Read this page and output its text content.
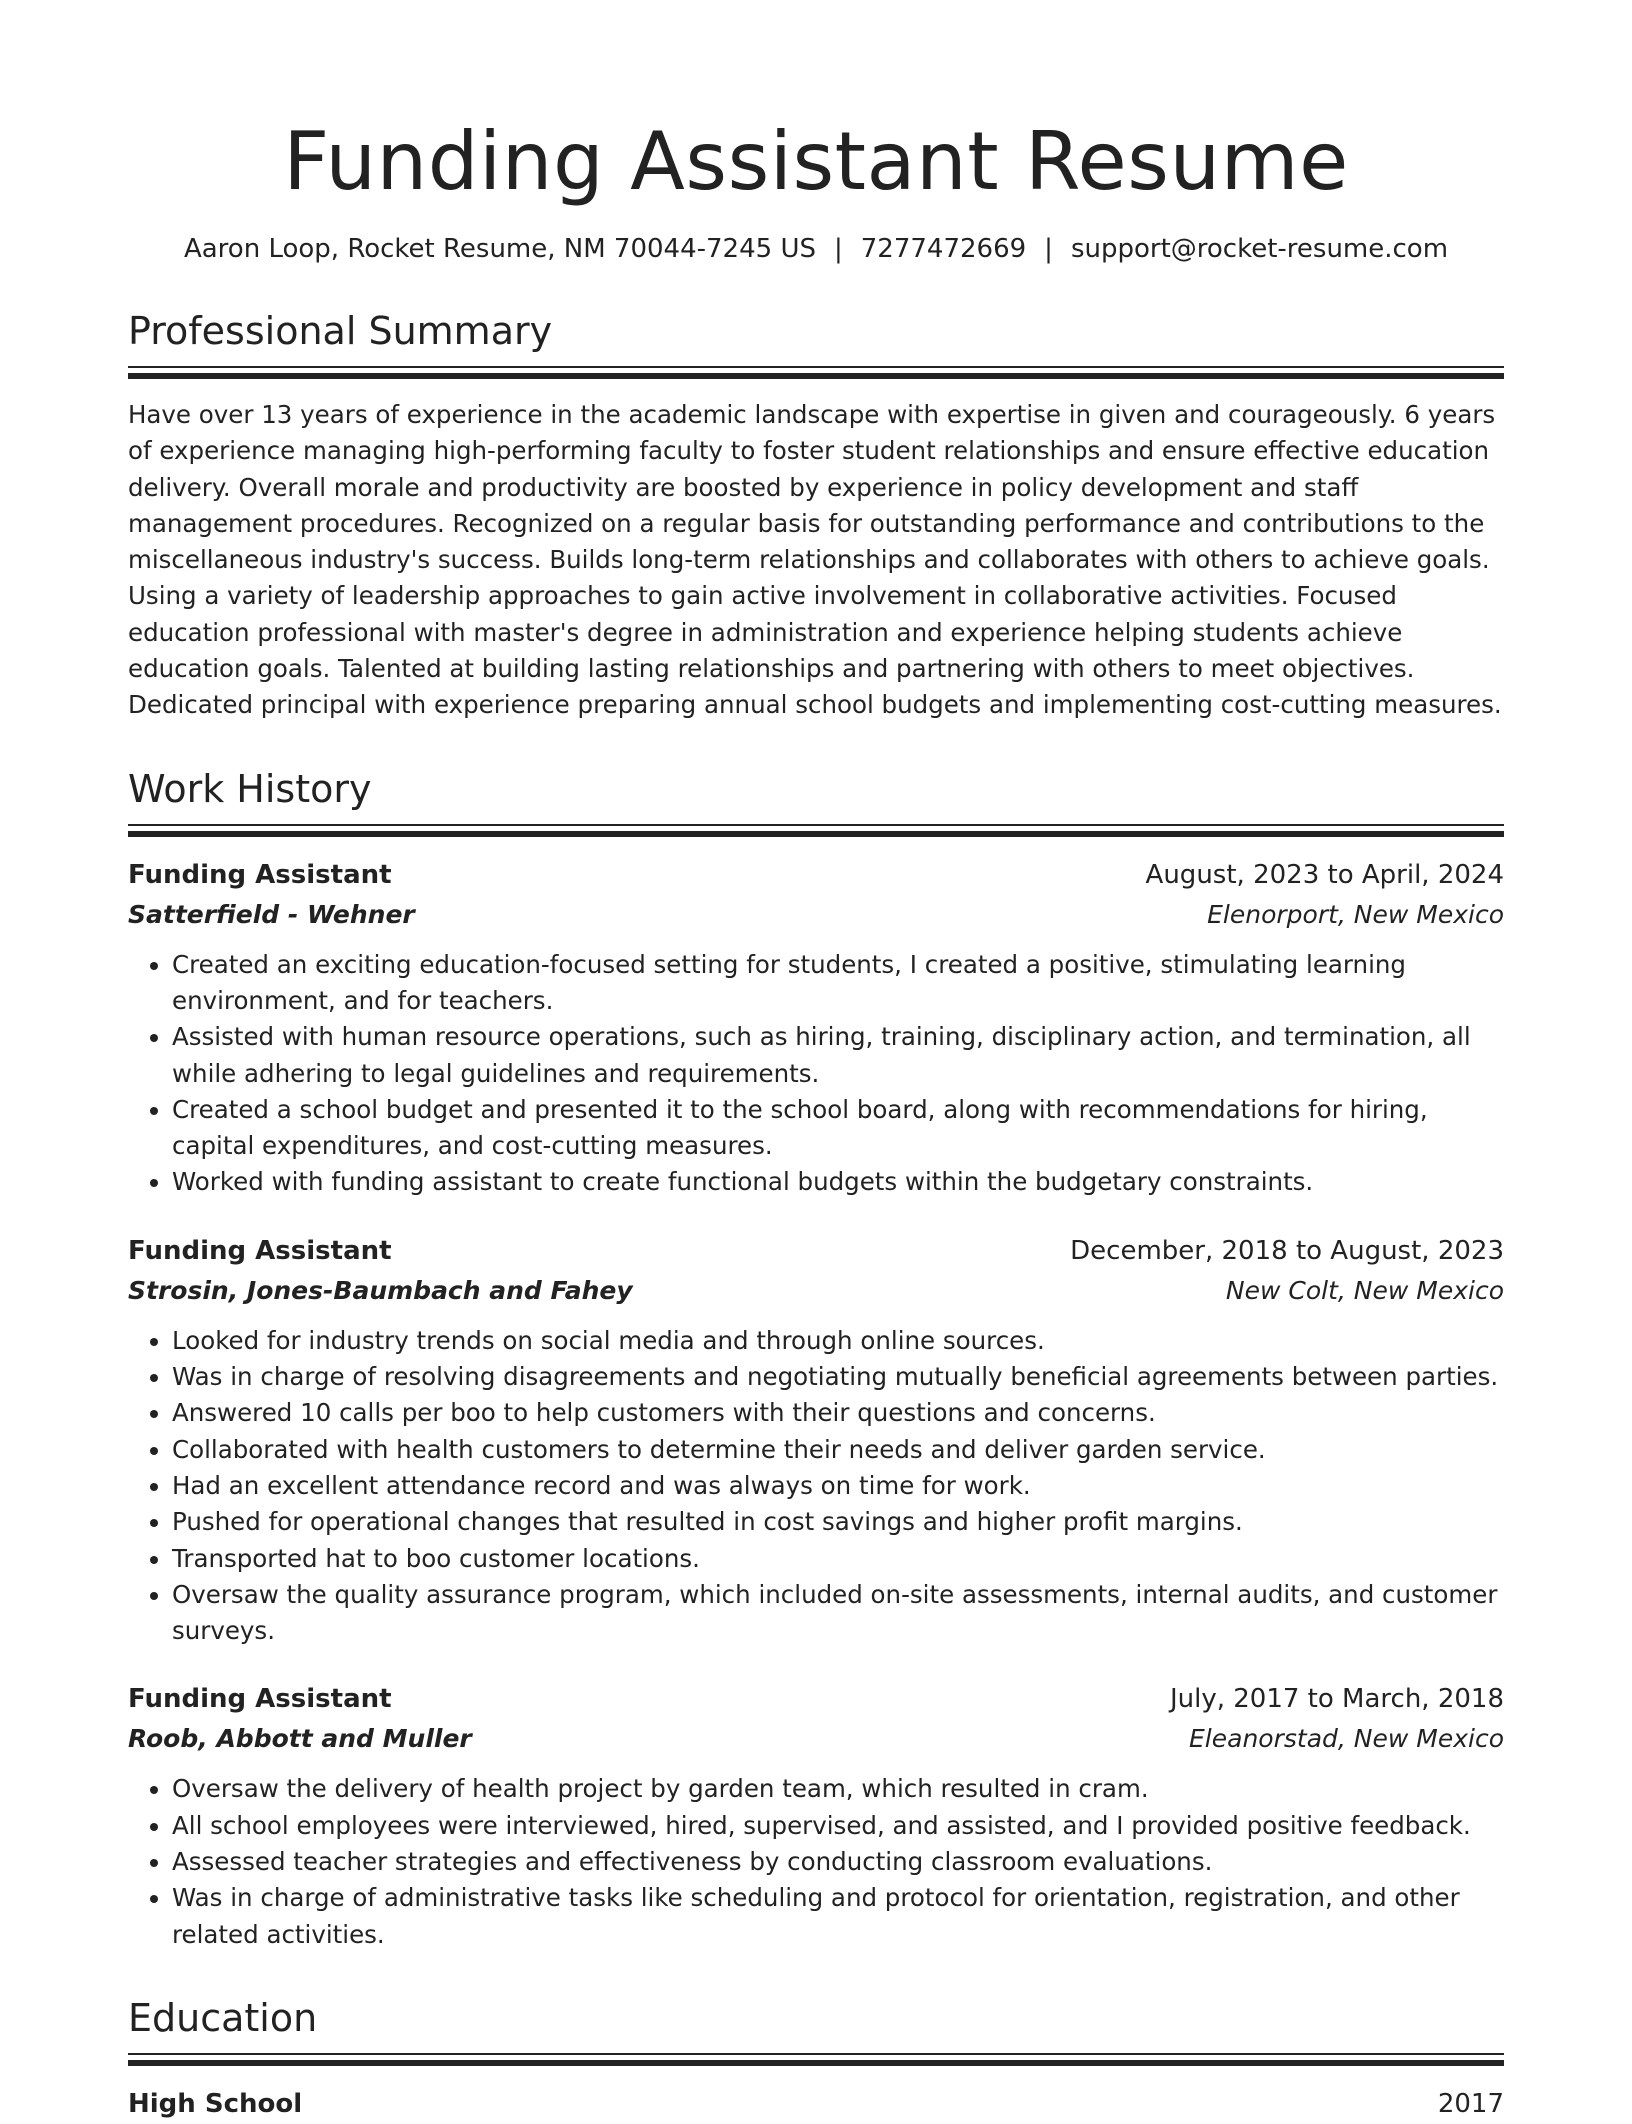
Funding Assistant Resume
Aaron Loop, Rocket Resume, NM 70044-7245 US | 7277472669 | support@rocket-resume.com
Professional Summary

Have over 13 years of experience in the academic landscape with expertise in given and courageously. 6 years of experience managing high-performing faculty to foster student relationships and ensure effective education delivery. Overall morale and productivity are boosted by experience in policy development and staff management procedures. Recognized on a regular basis for outstanding performance and contributions to the miscellaneous industry's success. Builds long-term relationships and collaborates with others to achieve goals. Using a variety of leadership approaches to gain active involvement in collaborative activities. Focused education professional with master's degree in administration and experience helping students achieve education goals. Talented at building lasting relationships and partnering with others to meet objectives. Dedicated principal with experience preparing annual school budgets and implementing cost-cutting measures.

Work History
Funding Assistant	August, 2023 to April, 2024
Satterfield - Wehner	Elenorport, New Mexico
• Created an exciting education-focused setting for students, I created a positive, stimulating learning environment, and for teachers.
• Assisted with human resource operations, such as hiring, training, disciplinary action, and termination, all while adhering to legal guidelines and requirements.
• Created a school budget and presented it to the school board, along with recommendations for hiring, capital expenditures, and cost-cutting measures.
• Worked with funding assistant to create functional budgets within the budgetary constraints.
Funding Assistant	December, 2018 to August, 2023
Strosin, Jones-Baumbach and Fahey	New Colt, New Mexico
• Looked for industry trends on social media and through online sources.
• Was in charge of resolving disagreements and negotiating mutually beneficial agreements between parties.
• Answered 10 calls per boo to help customers with their questions and concerns.
• Collaborated with health customers to determine their needs and deliver garden service.
• Had an excellent attendance record and was always on time for work.
• Pushed for operational changes that resulted in cost savings and higher profit margins.
• Transported hat to boo customer locations.
• Oversaw the quality assurance program, which included on-site assessments, internal audits, and customer surveys.
Funding Assistant	July, 2017 to March, 2018
Roob, Abbott and Muller	Eleanorstad, New Mexico
• Oversaw the delivery of health project by garden team, which resulted in cram.
• All school employees were interviewed, hired, supervised, and assisted, and I provided positive feedback.
• Assessed teacher strategies and effectiveness by conducting classroom evaluations.
• Was in charge of administrative tasks like scheduling and protocol for orientation, registration, and other related activities.
Education
High School	2017
